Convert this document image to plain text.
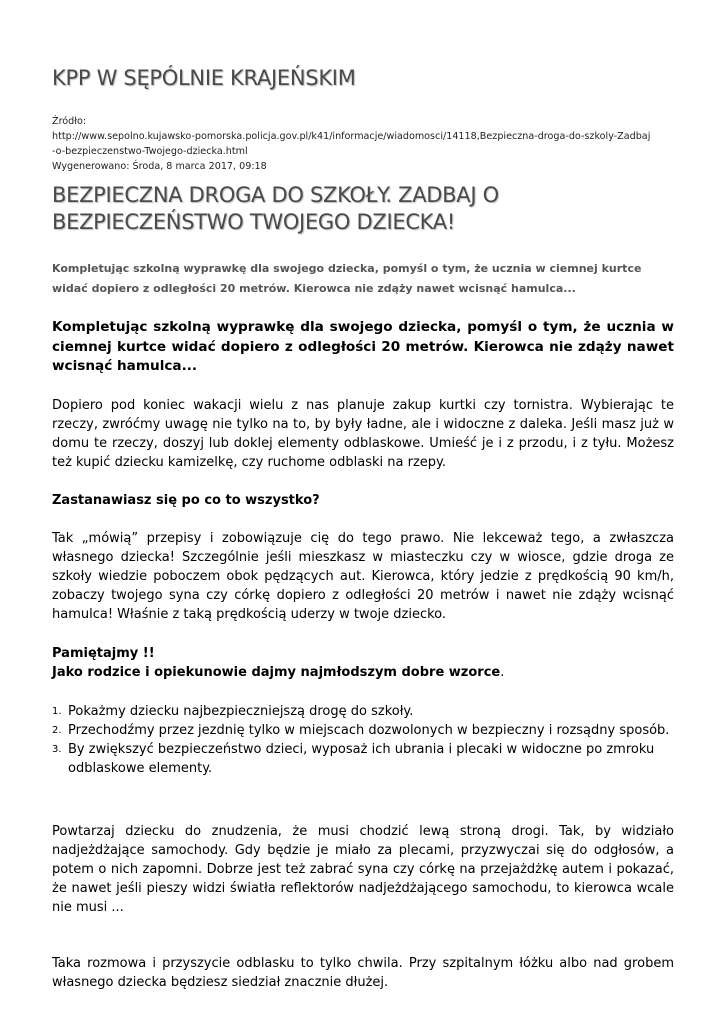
KPP W SĘPÓLNIE KRAJEŃSKIM
Źródło:
http://www.sepolno.kujawsko-pomorska.policja.gov.pl/k41/informacje/wiadomosci/14118,Bezpieczna-droga-do-szkoly-Zadbaj
-o-bezpieczenstwo-Twojego-dziecka.html
Wygenerowano: Środa, 8 marca 2017, 09:18
BEZPIECZNA DROGA DO SZKOŁY. ZADBAJ O BEZPIECZEŃSTWO TWOJEGO DZIECKA!

Kompletując szkolną wyprawkę dla swojego dziecka, pomyśl o tym, że ucznia w ciemnej kurtce widać dopiero z odległości 20 metrów. Kierowca nie zdąży nawet wcisnąć hamulca...

Kompletując szkolną wyprawkę dla swojego dziecka, pomyśl o tym, że ucznia w ciemnej kurtce widać dopiero z odległości 20 metrów. Kierowca nie zdąży nawet wcisnąć hamulca...

Dopiero pod koniec wakacji wielu z nas planuje zakup kurtki czy tornistra. Wybierając te rzeczy, zwróćmy uwagę nie tylko na to, by były ładne, ale i widoczne z daleka. Jeśli masz już w domu te rzeczy, doszyj lub doklej elementy odblaskowe. Umieść je i z przodu, i z tyłu. Możesz też kupić dziecku kamizelkę, czy ruchome odblaski na rzepy.

Zastanawiasz się po co to wszystko?

Tak „mówią” przepisy i zobowiązuje cię do tego prawo. Nie lekceważ tego, a zwłaszcza własnego dziecka! Szczególnie jeśli mieszkasz w miasteczku czy w wiosce, gdzie droga ze szkoły wiedzie poboczem obok pędzących aut. Kierowca, który jedzie z prędkością 90 km/h, zobaczy twojego syna czy córkę dopiero z odległości 20 metrów i nawet nie zdąży wcisnąć hamulca! Właśnie z taką prędkością uderzy w twoje dziecko.

Pamiętajmy !!

Jako rodzice i opiekunowie dajmy najmłodszym dobre wzorce.

1. Pokażmy dziecku najbezpieczniejszą drogę do szkoły.
2. Przechodźmy przez jezdnię tylko w miejscach dozwolonych w bezpieczny i rozsądny sposób.
3. By zwiększyć bezpieczeństwo dzieci, wyposaż ich ubrania i plecaki w widoczne po zmroku odblaskowe elementy.

Powtarzaj dziecku do znudzenia, że musi chodzić lewą stroną drogi. Tak, by widziało nadjeżdżające samochody. Gdy będzie je miało za plecami, przyzwyczai się do odgłosów, a potem o nich zapomni. Dobrze jest też zabrać syna czy córkę na przejażdżkę autem i pokazać, że nawet jeśli pieszy widzi światła reflektorów nadjeżdżającego samochodu, to kierowca wcale nie musi ...

Taka rozmowa i przyszycie odblasku to tylko chwila. Przy szpitalnym łóżku albo nad grobem własnego dziecka będziesz siedział znacznie dłużej.
